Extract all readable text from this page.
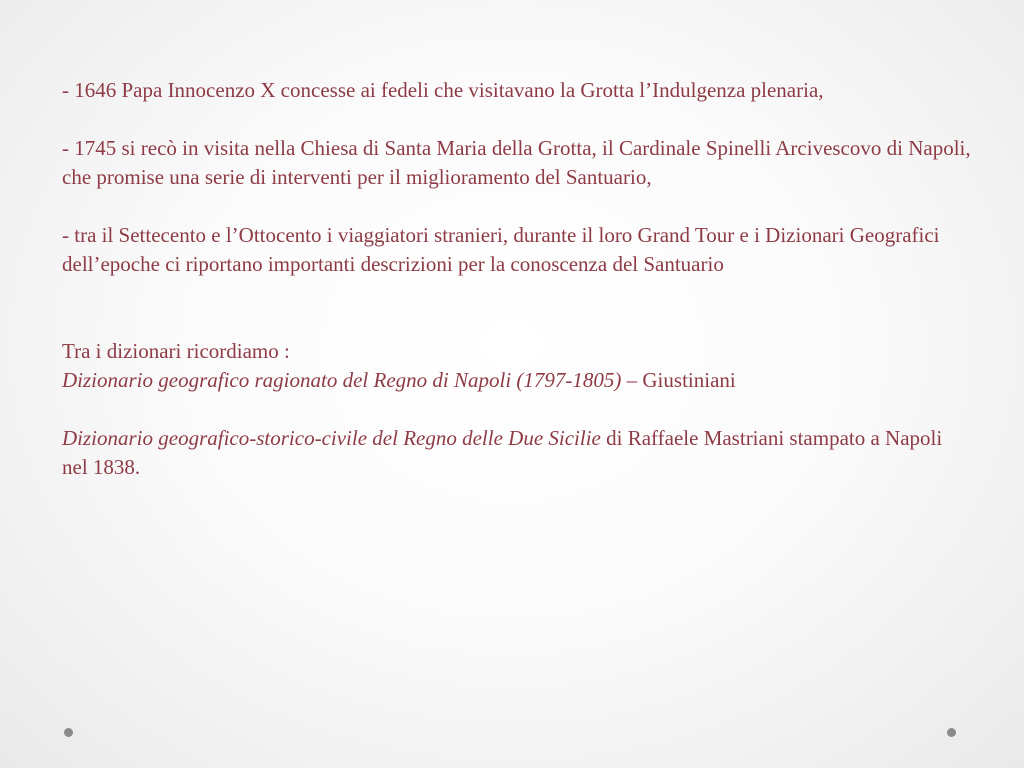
- 1646 Papa Innocenzo X concesse ai fedeli che visitavano la Grotta l’Indulgenza plenaria,

- 1745 si recò in visita nella Chiesa di Santa Maria della Grotta, il Cardinale Spinelli Arcivescovo di Napoli, che promise una serie di interventi per il miglioramento del Santuario,

- tra il Settecento e l’Ottocento i viaggiatori stranieri, durante il loro Grand Tour e i Dizionari Geografici dell’epoche ci riportano importanti descrizioni per la conoscenza del Santuario

Tra i dizionari ricordiamo :

Dizionario geografico ragionato del Regno di Napoli (1797-1805) – Giustiniani

Dizionario geografico-storico-civile del Regno delle Due Sicilie di Raffaele Mastriani stampato a Napoli nel 1838.
